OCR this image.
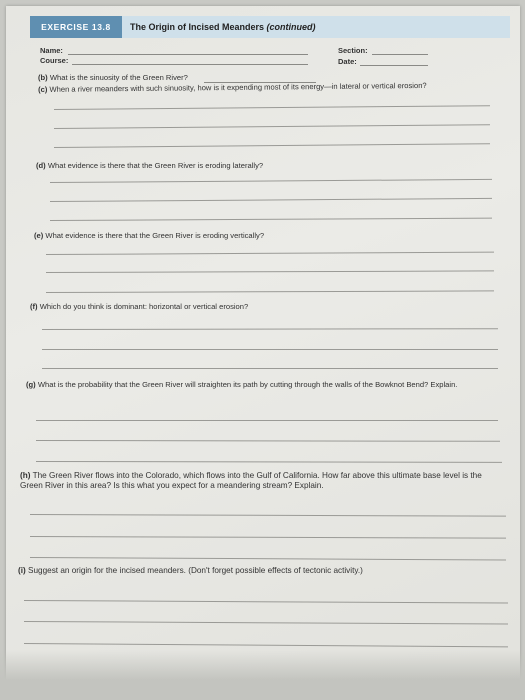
EXERCISE 13.8	The Origin of Incised Meanders
(continued)
Name:
Course:
Section:
Date:
(b) What is the sinuosity of the Green River?
(c) When a river meanders with such sinuosity, how is it expending most of its energy—in lateral or vertical erosion?
(d) What evidence is there that the Green River is eroding laterally?
(e) What evidence is there that the Green River is eroding vertically?
(f) Which do you think is dominant: horizontal or vertical erosion?
(g) What is the probability that the Green River will straighten its path by cutting through the walls of the Bowknot Bend? Explain.
(h) The Green River flows into the Colorado, which flows into the Gulf of California. How far above this ultimate base level is the Green River in this area? Is this what you expect for a meandering stream? Explain.
(i) Suggest an origin for the incised meanders. (Don't forget possible effects of tectonic activity.)
